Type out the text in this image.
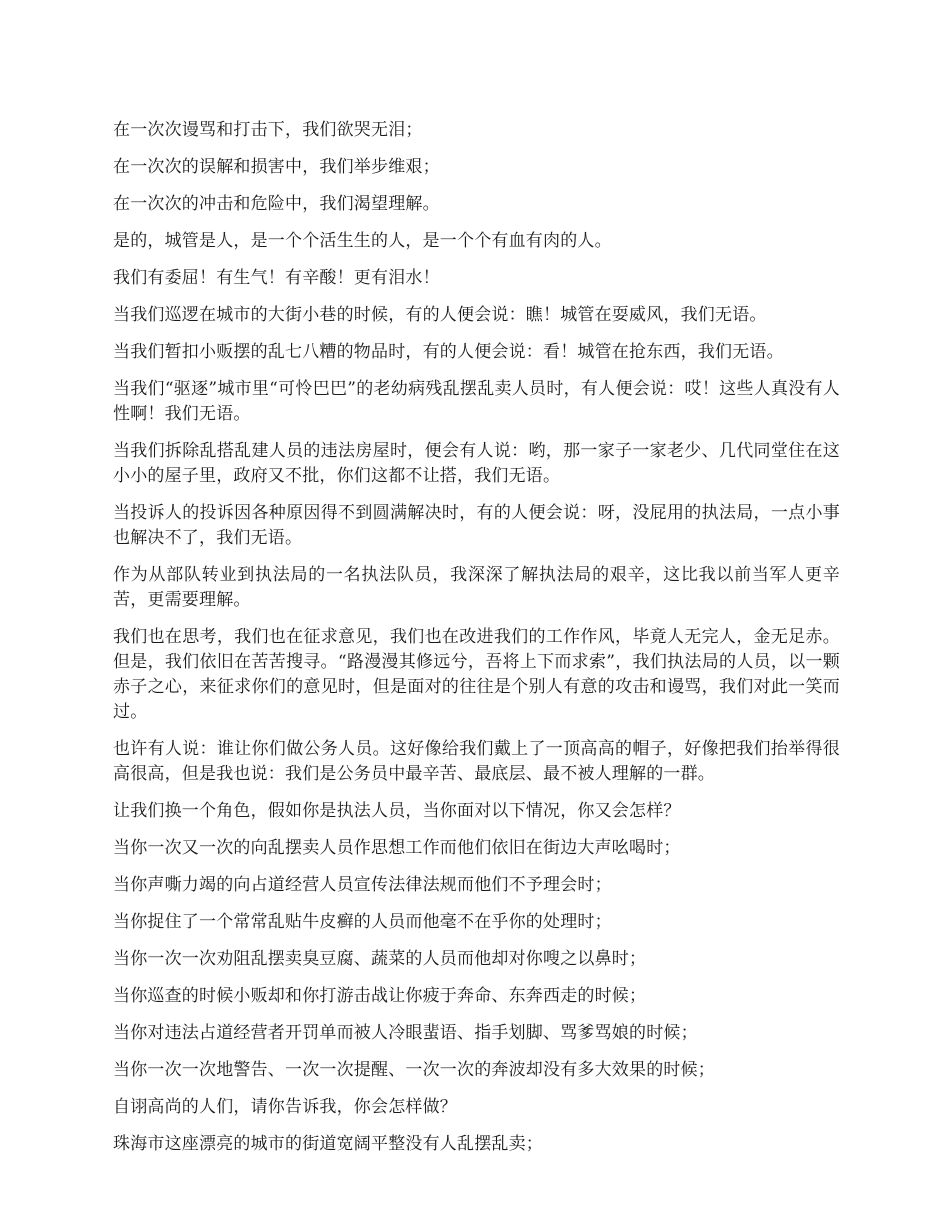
在一次次谩骂和打击下，我们欲哭无泪；

在一次次的误解和损害中，我们举步维艰；

在一次次的冲击和危险中，我们渴望理解。

是的，城管是人，是一个个活生生的人，是一个个有血有肉的人。

我们有委屈！有生气！有辛酸！更有泪水！

当我们巡逻在城市的大街小巷的时候，有的人便会说：瞧！城管在耍威风，我们无语。

当我们暂扣小贩摆的乱七八糟的物品时，有的人便会说：看！城管在抢东西，我们无语。

当我们“驱逐”城市里“可怜巴巴”的老幼病残乱摆乱卖人员时，有人便会说：哎！这些人真没有人性啊！我们无语。

当我们拆除乱搭乱建人员的违法房屋时，便会有人说：哟，那一家子一家老少、几代同堂住在这小小的屋子里，政府又不批，你们这都不让搭，我们无语。

当投诉人的投诉因各种原因得不到圆满解决时，有的人便会说：呀，没屁用的执法局，一点小事也解决不了，我们无语。

作为从部队转业到执法局的一名执法队员，我深深了解执法局的艰辛，这比我以前当军人更辛苦，更需要理解。

我们也在思考，我们也在征求意见，我们也在改进我们的工作作风，毕竟人无完人，金无足赤。但是，我们依旧在苦苦搜寻。“路漫漫其修远兮，吾将上下而求索”，我们执法局的人员，以一颗赤子之心，来征求你们的意见时，但是面对的往往是个别人有意的攻击和谩骂，我们对此一笑而过。

也许有人说：谁让你们做公务人员。这好像给我们戴上了一顶高高的帽子，好像把我们抬举得很高很高，但是我也说：我们是公务员中最辛苦、最底层、最不被人理解的一群。

让我们换一个角色，假如你是执法人员，当你面对以下情况，你又会怎样？

当你一次又一次的向乱摆卖人员作思想工作而他们依旧在街边大声吆喝时；

当你声嘶力竭的向占道经营人员宣传法律法规而他们不予理会时；

当你捉住了一个常常乱贴牛皮癣的人员而他毫不在乎你的处理时；

当你一次一次劝阻乱摆卖臭豆腐、蔬菜的人员而他却对你嗖之以鼻时；

当你巡查的时候小贩却和你打游击战让你疲于奔命、东奔西走的时候；

当你对违法占道经营者开罚单而被人冷眼蜚语、指手划脚、骂爹骂娘的时候；

当你一次一次地警告、一次一次提醒、一次一次的奔波却没有多大效果的时候；

自诩高尚的人们，请你告诉我，你会怎样做？

珠海市这座漂亮的城市的街道宽阔平整没有人乱摆乱卖；
